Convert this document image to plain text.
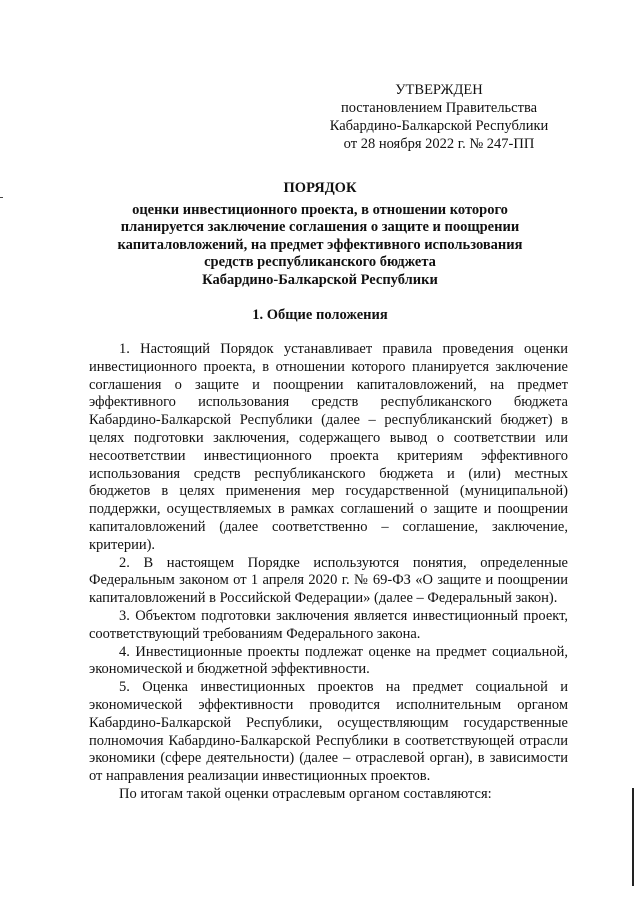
УТВЕРЖДЕН
постановлением Правительства
Кабардино-Балкарской Республики
от 28 ноября 2022 г. № 247-ПП
ПОРЯДОК
оценки инвестиционного проекта, в отношении которого
планируется заключение соглашения о защите и поощрении
капиталовложений, на предмет эффективного использования
средств республиканского бюджета
Кабардино-Балкарской Республики
1. Общие положения

1. Настоящий Порядок устанавливает правила проведения оценки инвестиционного проекта, в отношении которого планируется заключение соглашения о защите и поощрении капиталовложений, на предмет эффективного использования средств республиканского бюджета Кабардино-Балкарской Республики (далее – республиканский бюджет) в целях подготовки заключения, содержащего вывод о соответствии или несоответствии инвестиционного проекта критериям эффективного использования средств республиканского бюджета и (или) местных бюджетов в целях применения мер государственной (муниципальной) поддержки, осуществляемых в рамках соглашений о защите и поощрении капиталовложений (далее соответственно – соглашение, заключение, критерии).

2. В настоящем Порядке используются понятия, определенные Федеральным законом от 1 апреля 2020 г. № 69-ФЗ «О защите и поощрении капиталовложений в Российской Федерации» (далее – Федеральный закон).

3. Объектом подготовки заключения является инвестиционный проект, соответствующий требованиям Федерального закона.

4. Инвестиционные проекты подлежат оценке на предмет социальной, экономической и бюджетной эффективности.

5. Оценка инвестиционных проектов на предмет социальной и экономической эффективности проводится исполнительным органом Кабардино-Балкарской Республики, осуществляющим государственные полномочия Кабардино-Балкарской Республики в соответствующей отрасли экономики (сфере деятельности) (далее – отраслевой орган), в зависимости от направления реализации инвестиционных проектов.

По итогам такой оценки отраслевым органом составляются:
